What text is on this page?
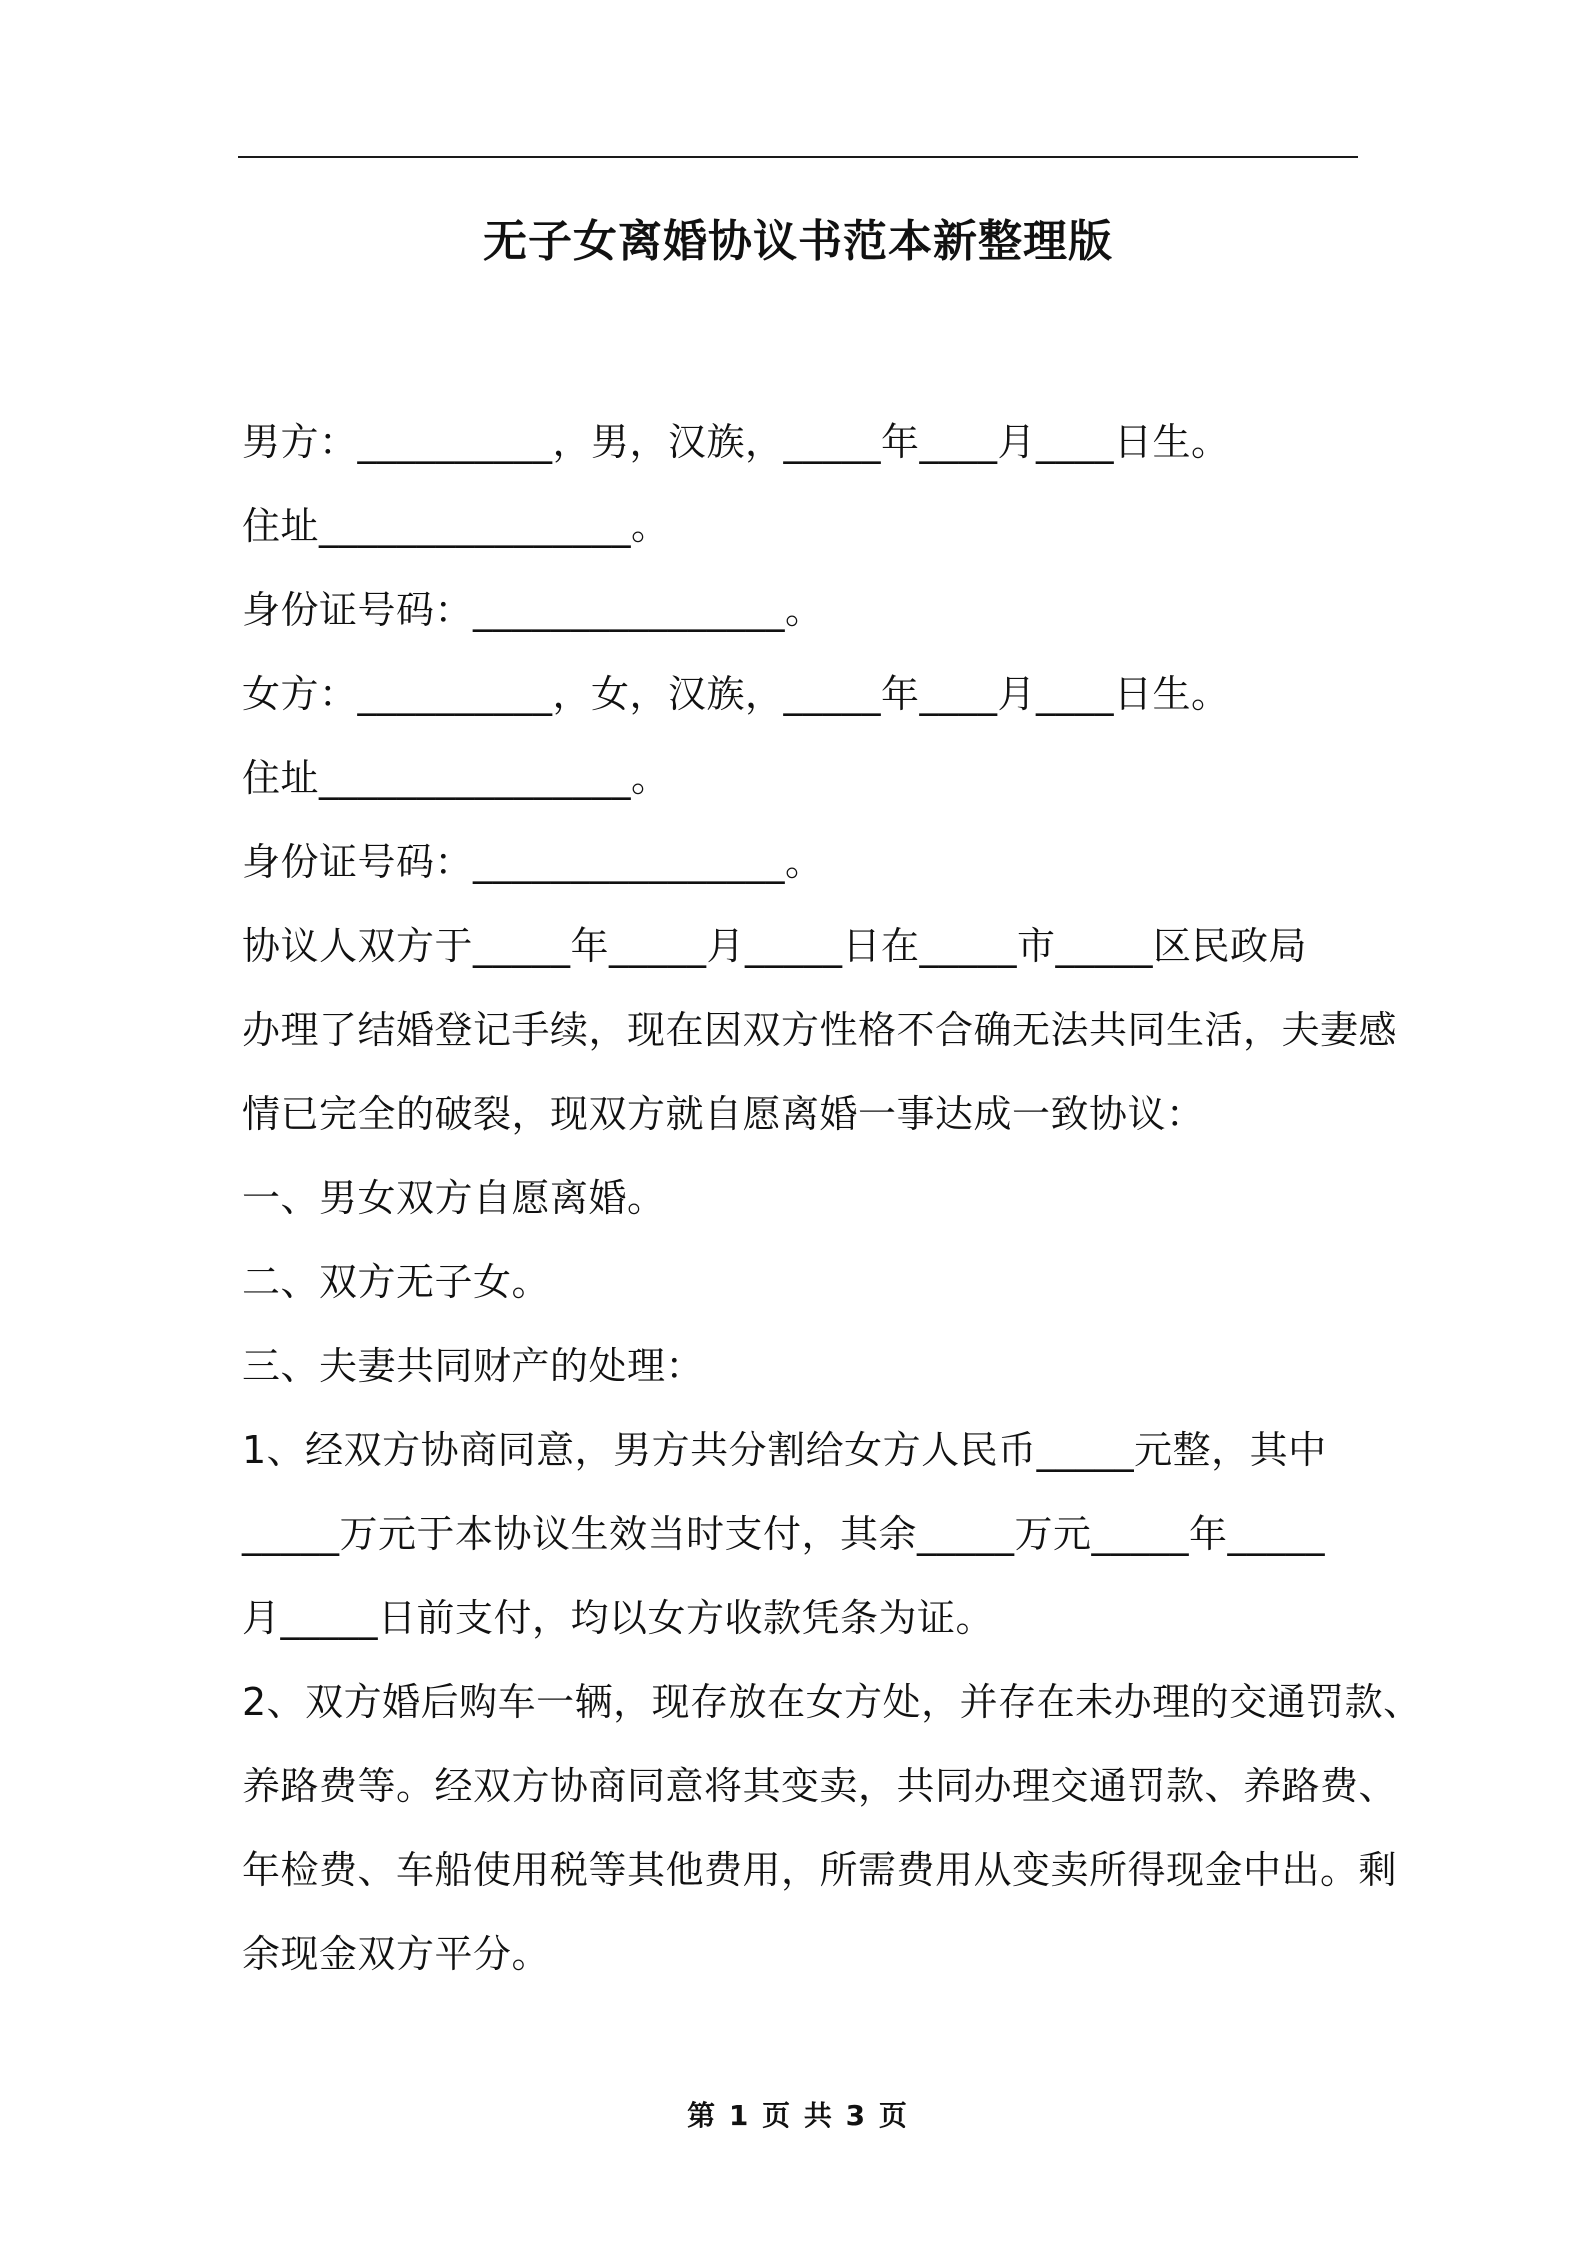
无子女离婚协议书范本新整理版
男方：__________，男，汉族，_____年____月____日生。
住址________________。
身份证号码：________________。
女方：__________，女，汉族，_____年____月____日生。
住址________________。
身份证号码：________________。
协议人双方于_____年_____月_____日在_____市_____区民政局
办理了结婚登记手续，现在因双方性格不合确无法共同生活，夫妻感
情已完全的破裂，现双方就自愿离婚一事达成一致协议：
一、男女双方自愿离婚。
二、双方无子女。
三、夫妻共同财产的处理：
1、经双方协商同意，男方共分割给女方人民币_____元整，其中
_____万元于本协议生效当时支付，其余_____万元_____年_____
月_____日前支付，均以女方收款凭条为证。
2、双方婚后购车一辆，现存放在女方处，并存在未办理的交通罚款、
养路费等。经双方协商同意将其变卖，共同办理交通罚款、养路费、
年检费、车船使用税等其他费用，所需费用从变卖所得现金中出。剩
余现金双方平分。
第 1 页 共 3 页
